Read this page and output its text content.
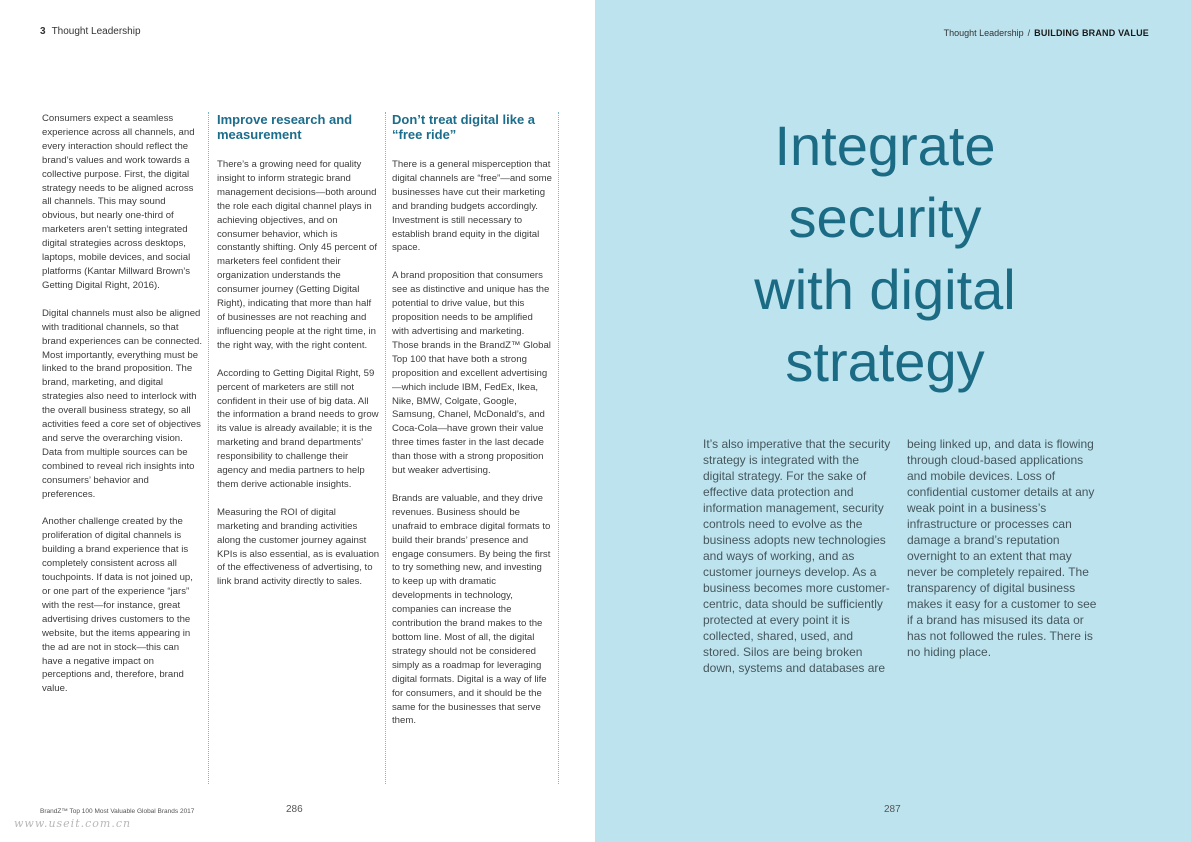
3 Thought Leadership

Consumers expect a seamless experience across all channels, and every interaction should reflect the brand’s values and work towards a collective purpose. First, the digital strategy needs to be aligned across all channels. This may sound obvious, but nearly one-third of marketers aren’t setting integrated digital strategies across desktops, laptops, mobile devices, and social platforms (Kantar Millward Brown’s Getting Digital Right, 2016).

Digital channels must also be aligned with traditional channels, so that brand experiences can be connected. Most importantly, everything must be linked to the brand proposition. The brand, marketing, and digital strategies also need to interlock with the overall business strategy, so all activities feed a core set of objectives and serve the overarching vision. Data from multiple sources can be combined to reveal rich insights into consumers’ behavior and preferences.

Another challenge created by the proliferation of digital channels is building a brand experience that is completely consistent across all touchpoints. If data is not joined up, or one part of the experience “jars” with the rest—for instance, great advertising drives customers to the website, but the items appearing in the ad are not in stock—this can have a negative impact on perceptions and, therefore, brand value.

Improve research and measurement

There’s a growing need for quality insight to inform strategic brand management decisions—both around the role each digital channel plays in achieving objectives, and on consumer behavior, which is constantly shifting. Only 45 percent of marketers feel confident their organization understands the consumer journey (Getting Digital Right), indicating that more than half of businesses are not reaching and influencing people at the right time, in the right way, with the right content.

According to Getting Digital Right, 59 percent of marketers are still not confident in their use of big data. All the information a brand needs to grow its value is already available; it is the marketing and brand departments’ responsibility to challenge their agency and media partners to help them derive actionable insights.

Measuring the ROI of digital marketing and branding activities along the customer journey against KPIs is also essential, as is evaluation of the effectiveness of advertising, to link brand activity directly to sales.

Don’t treat digital like a “free ride”

There is a general misperception that digital channels are “free”—and some businesses have cut their marketing and branding budgets accordingly. Investment is still necessary to establish brand equity in the digital space.

A brand proposition that consumers see as distinctive and unique has the potential to drive value, but this proposition needs to be amplified with advertising and marketing. Those brands in the BrandZ™ Global Top 100 that have both a strong proposition and excellent advertising—which include IBM, FedEx, Ikea, Nike, BMW, Colgate, Google, Samsung, Chanel, McDonald’s, and Coca-Cola—have grown their value three times faster in the last decade than those with a strong proposition but weaker advertising.

Brands are valuable, and they drive revenues. Business should be unafraid to embrace digital formats to build their brands’ presence and engage consumers. By being the first to try something new, and investing to keep up with dramatic developments in technology, companies can increase the contribution the brand makes to the bottom line. Most of all, the digital strategy should not be considered simply as a roadmap for leveraging digital formats. Digital is a way of life for consumers, and it should be the same for the businesses that serve them.

BrandZ™ Top 100 Most Valuable Global Brands 2017	286
www.useit.com.cn
Thought Leadership / BUILDING BRAND VALUE
Integrate
security
with digital
strategy

It’s also imperative that the security strategy is integrated with the digital strategy. For the sake of effective data protection and information management, security controls need to evolve as the business adopts new technologies and ways of working, and as customer journeys develop. As a business becomes more customer-centric, data should be sufficiently protected at every point it is collected, shared, used, and stored. Silos are being broken down, systems and databases are

being linked up, and data is flowing through cloud-based applications and mobile devices. Loss of confidential customer details at any weak point in a business’s infrastructure or processes can damage a brand’s reputation overnight to an extent that may never be completely repaired. The transparency of digital business makes it easy for a customer to see if a brand has misused its data or has not followed the rules. There is no hiding place.

287
